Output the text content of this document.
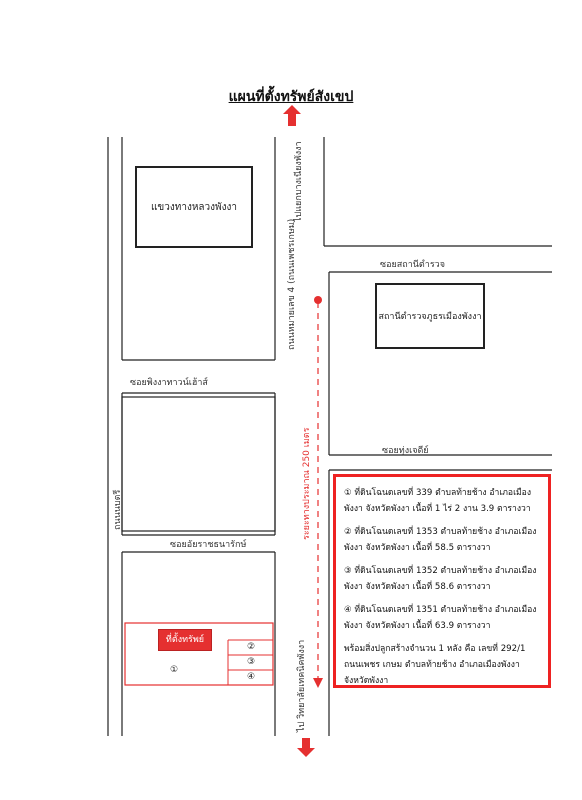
แผนที่ตั้งทรัพย์สังเขป
แขวงทางหลวงพังงา
สถานีตำรวจภูธรเมืองพังงา
ที่ตั้งทรัพย์
①
②
③
④
ซอยสถานีตำรวจ
ซอยพิงงาทาวน์เฮ้าส์
ซอยทุ่งเจดีย์
ซอยอัยราชธนารักษ์
ถนนหมายเลข 4 (ถนนเพชรเกษม)
ไปแยกบางเนียงพังงา
ไป วิทยาลัยเทคนิคพังงา
ถนนนบตรี	ระยะทางประมาณ 250 เมตร	① ที่ดินโฉนดเลขที่ 339 ตำบลท้ายช้าง อำเภอเมืองพังงา จังหวัดพังงา เนื้อที่ 1 ไร่ 2 งาน 3.9 ตารางวา

② ที่ดินโฉนดเลขที่ 1353 ตำบลท้ายช้าง อำเภอเมือง พังงา จังหวัดพังงา เนื้อที่ 58.5 ตารางวา

③ ที่ดินโฉนดเลขที่ 1352 ตำบลท้ายช้าง อำเภอเมือง พังงา จังหวัดพังงา เนื้อที่ 58.6 ตารางวา

④ ที่ดินโฉนดเลขที่ 1351 ตำบลท้ายช้าง อำเภอเมือง พังงา จังหวัดพังงา เนื้อที่ 63.9 ตารางวา

พร้อมสิ่งปลูกสร้างจำนวน 1 หลัง คือ เลขที่ 292/1 ถนนเพชร เกษม ตำบลท้ายช้าง อำเภอเมืองพังงา จังหวัดพังงา
